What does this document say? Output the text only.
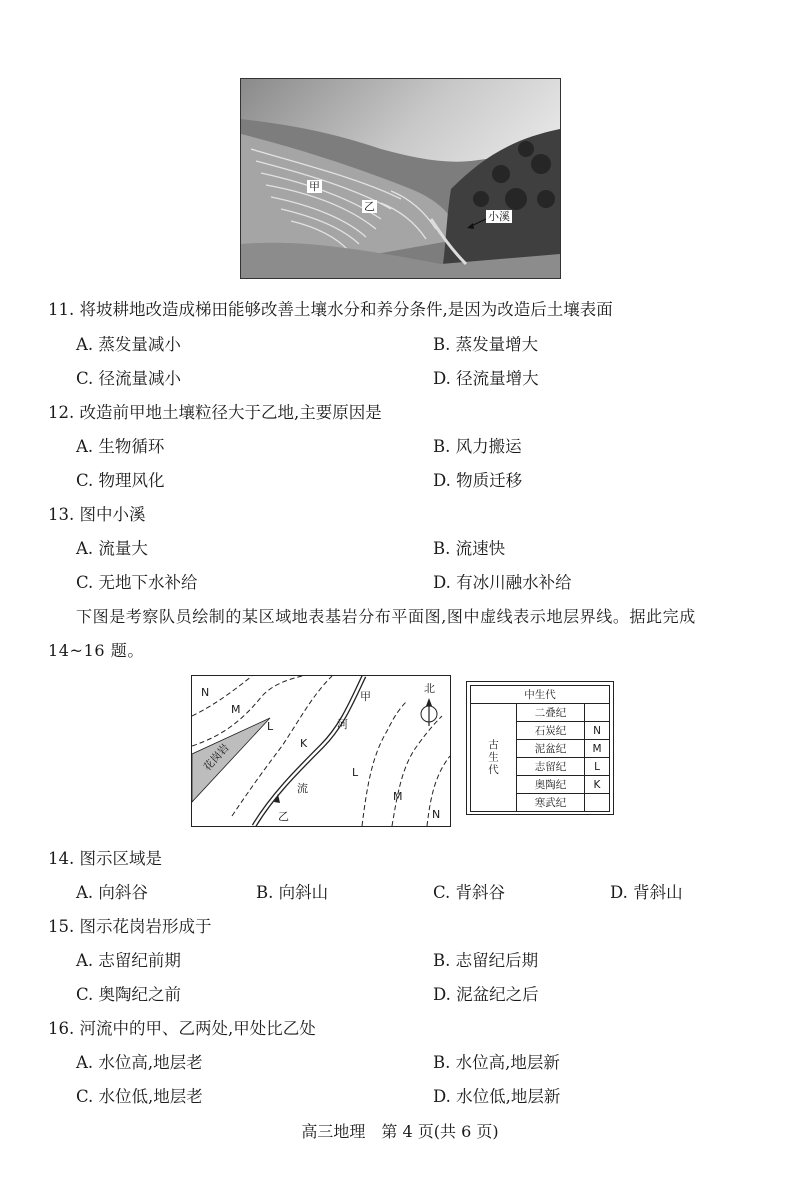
甲
乙
小溪
11. 将坡耕地改造成梯田能够改善土壤水分和养分条件,是因为改造后土壤表面
A. 蒸发量减小	B. 蒸发量增大
C. 径流量减小	D. 径流量增大
12. 改造前甲地土壤粒径大于乙地,主要原因是
A. 生物循环	B. 风力搬运
C. 物理风化	D. 物质迁移
13. 图中小溪
A. 流量大	B. 流速快
C. 无地下水补给	D. 有冰川融水补给
下图是考察队员绘制的某区域地表基岩分布平面图,图中虚线表示地层界线。据此完成
14~16 题。
N
M
L
K
甲
河
流
L
M
乙	N
北
花岗岩
中生代		
古生代	二叠纪	
	石炭纪	N
	泥盆纪	M
	志留纪	L
	奥陶纪	K
	寒武纪	
14. 图示区域是
A. 向斜谷	B. 向斜山	C. 背斜谷	D. 背斜山
15. 图示花岗岩形成于
A. 志留纪前期	B. 志留纪后期
C. 奥陶纪之前	D. 泥盆纪之后
16. 河流中的甲、乙两处,甲处比乙处
A. 水位高,地层老	B. 水位高,地层新
C. 水位低,地层老	D. 水位低,地层新
高三地理　第 4 页(共 6 页)
